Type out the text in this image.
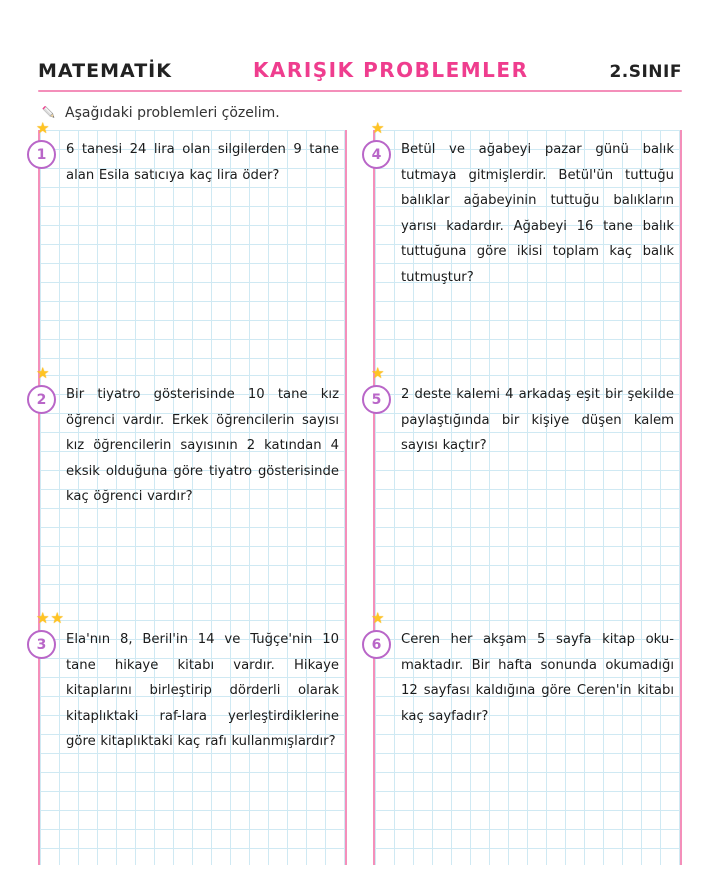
MATEMATİK	KARIŞIK PROBLEMLER	2.SINIF
Aşağıdaki problemleri çözelim.
★
1	6 tanesi 24 lira olan silgilerden 9 tane alan Esila satıcıya kaç lira öder?

★
2	Bir tiyatro gösterisinde 10 tane kız öğrenci vardır. Erkek öğrencilerin sayısı kız öğrencilerin sayısının 2 katından 4 eksik olduğuna göre tiyatro gösterisinde kaç öğrenci vardır?

★ ★
3	Ela'nın 8, Beril'in 14 ve Tuğçe'nin 10 tane hikaye kitabı vardır. Hikaye kitaplarını birleştirip dörderli olarak kitaplıktaki raf-lara yerleştirdiklerine göre kitaplıktaki kaç rafı kullanmışlardır?

★
4	Betül ve ağabeyi pazar günü balık tutmaya gitmişlerdir. Betül'ün tuttuğu balıklar ağabeyinin tuttuğu balıkların yarısı kadardır. Ağabeyi 16 tane balık tuttuğuna göre ikisi toplam kaç balık tutmuştur?

★
5	2 deste kalemi 4 arkadaş eşit bir şekilde paylaştığında bir kişiye düşen kalem sayısı kaçtır?

★
6	Ceren her akşam 5 sayfa kitap oku-maktadır. Bir hafta sonunda okumadığı 12 sayfası kaldığına göre Ceren'in kitabı kaç sayfadır?
